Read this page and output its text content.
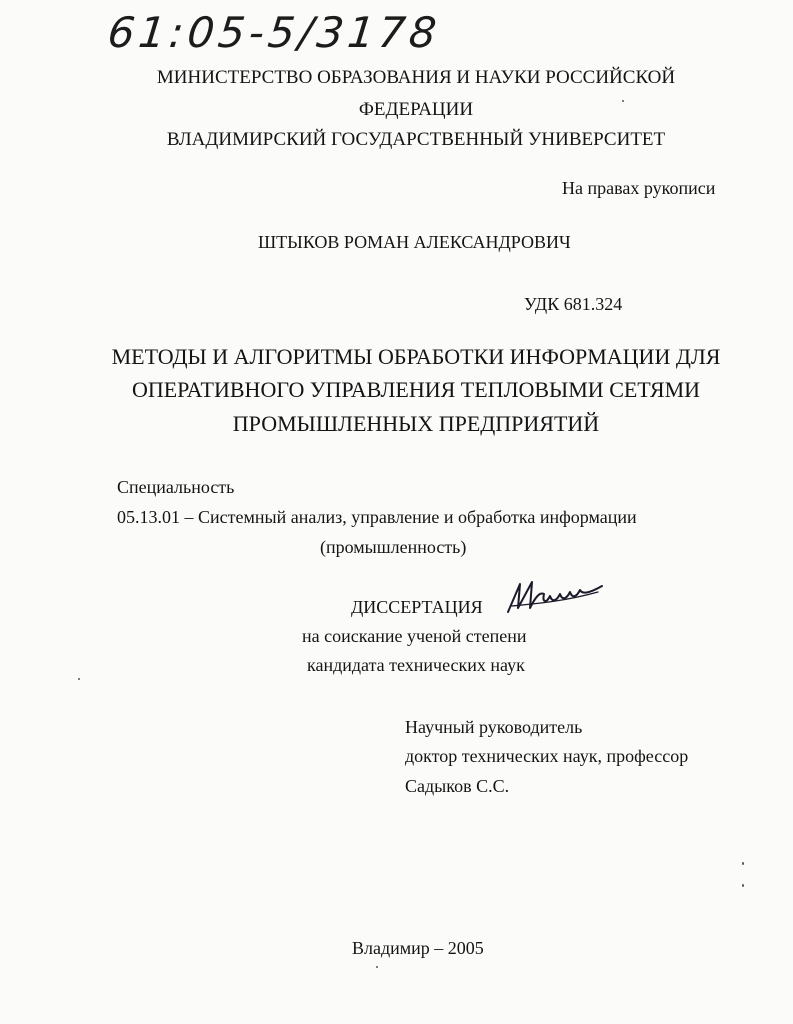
61:05-5/3178
МИНИСТЕРСТВО ОБРАЗОВАНИЯ И НАУКИ РОССИЙСКОЙ
ФЕДЕРАЦИИ
ВЛАДИМИРСКИЙ ГОСУДАРСТВЕННЫЙ УНИВЕРСИТЕТ
На правах рукописи
ШТЫКОВ РОМАН АЛЕКСАНДРОВИЧ
УДК 681.324
МЕТОДЫ И АЛГОРИТМЫ ОБРАБОТКИ ИНФОРМАЦИИ ДЛЯ
ОПЕРАТИВНОГО УПРАВЛЕНИЯ ТЕПЛОВЫМИ СЕТЯМИ
ПРОМЫШЛЕННЫХ ПРЕДПРИЯТИЙ
Специальность
05.13.01 – Системный анализ, управление и обработка информации
(промышленность)
ДИССЕРТАЦИЯ
на соискание ученой степени
кандидата технических наук
Научный руководитель
доктор технических наук, профессор
Садыков С.С.
Владимир – 2005
